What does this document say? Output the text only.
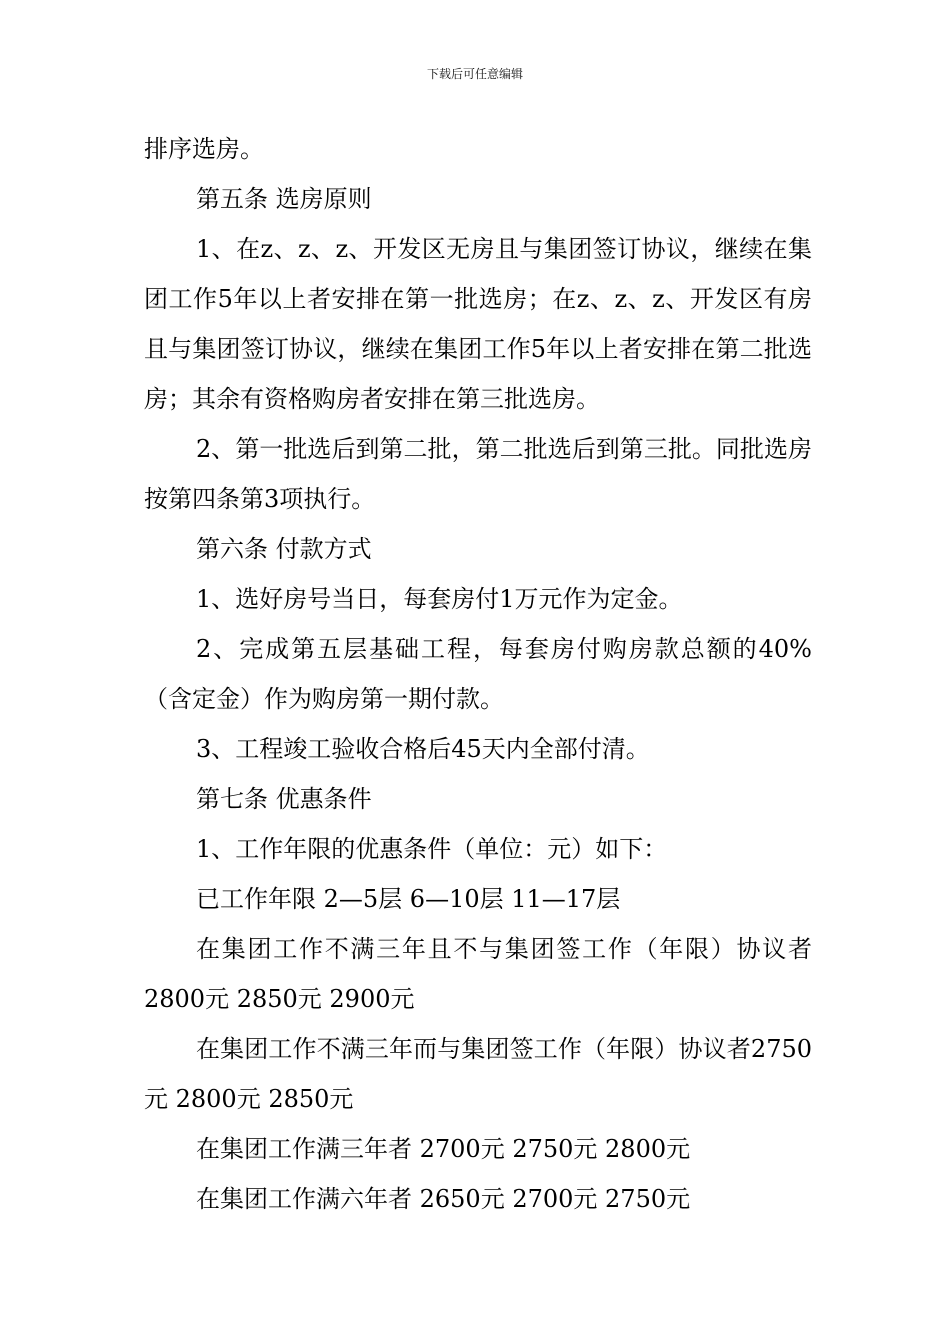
下载后可任意编辑

排序选房。

第五条 选房原则

1、在z、z、z、开发区无房且与集团签订协议，继续在集团工作5年以上者安排在第一批选房；在z、z、z、开发区有房且与集团签订协议，继续在集团工作5年以上者安排在第二批选房；其余有资格购房者安排在第三批选房。

2、第一批选后到第二批，第二批选后到第三批。同批选房按第四条第3项执行。

第六条 付款方式

1、选好房号当日，每套房付1万元作为定金。

2、完成第五层基础工程，每套房付购房款总额的40%（含定金）作为购房第一期付款。

3、工程竣工验收合格后45天内全部付清。

第七条 优惠条件

1、工作年限的优惠条件（单位：元）如下：

已工作年限 2—5层 6—10层 11—17层

在集团工作不满三年且不与集团签工作（年限）协议者 2800元 2850元 2900元

在集团工作不满三年而与集团签工作（年限）协议者2750元 2800元 2850元

在集团工作满三年者 2700元 2750元 2800元

在集团工作满六年者 2650元 2700元 2750元
